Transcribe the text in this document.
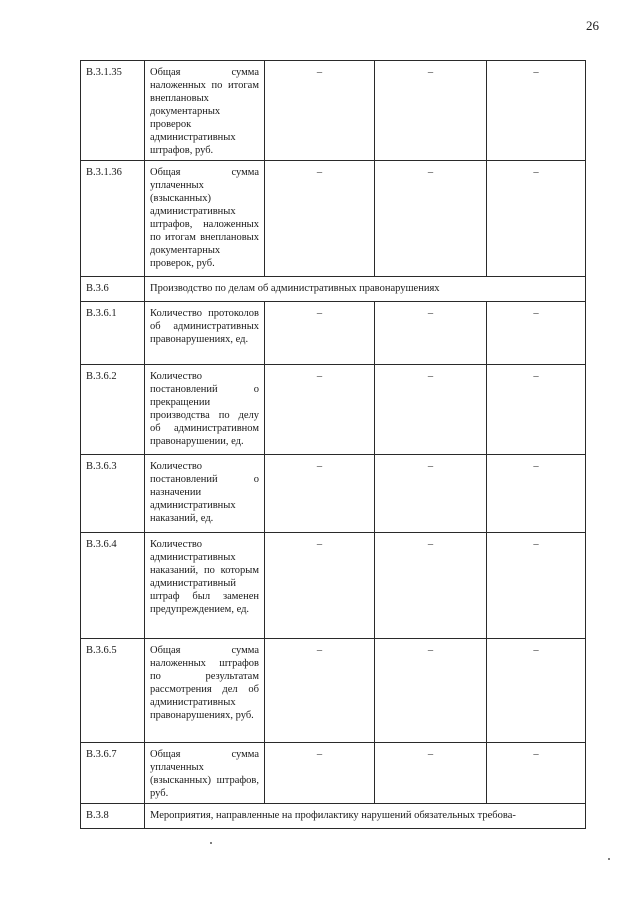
26
В.3.1.35	Общая сумма наложенных по итогам внеплановых документарных проверок административных штрафов, руб.	–	–	–
В.3.1.36	Общая сумма уплаченных (взысканных) административных штрафов, наложенных по итогам внеплановых документарных проверок, руб.	–	–	–
В.3.6	Производство по делам об административных правонарушениях			
В.3.6.1	Количество протоколов об административных правонарушениях, ед.	–	–	–
В.3.6.2	Количество постановлений о прекращении производства по делу об административном правонарушении, ед.	–	–	–
В.3.6.3	Количество постановлений о назначении административных наказаний, ед.	–	–	–
В.3.6.4	Количество административных наказаний, по которым административный штраф был заменен предупреждением, ед.	–	–	–
В.3.6.5	Общая сумма наложенных штрафов по результатам рассмотрения дел об административных правонарушениях, руб.	–	–	–
В.3.6.7	Общая сумма уплаченных (взысканных) штрафов, руб.	–	–	–
В.3.8	Мероприятия, направленные на профилактику нарушений обязательных требова-			
